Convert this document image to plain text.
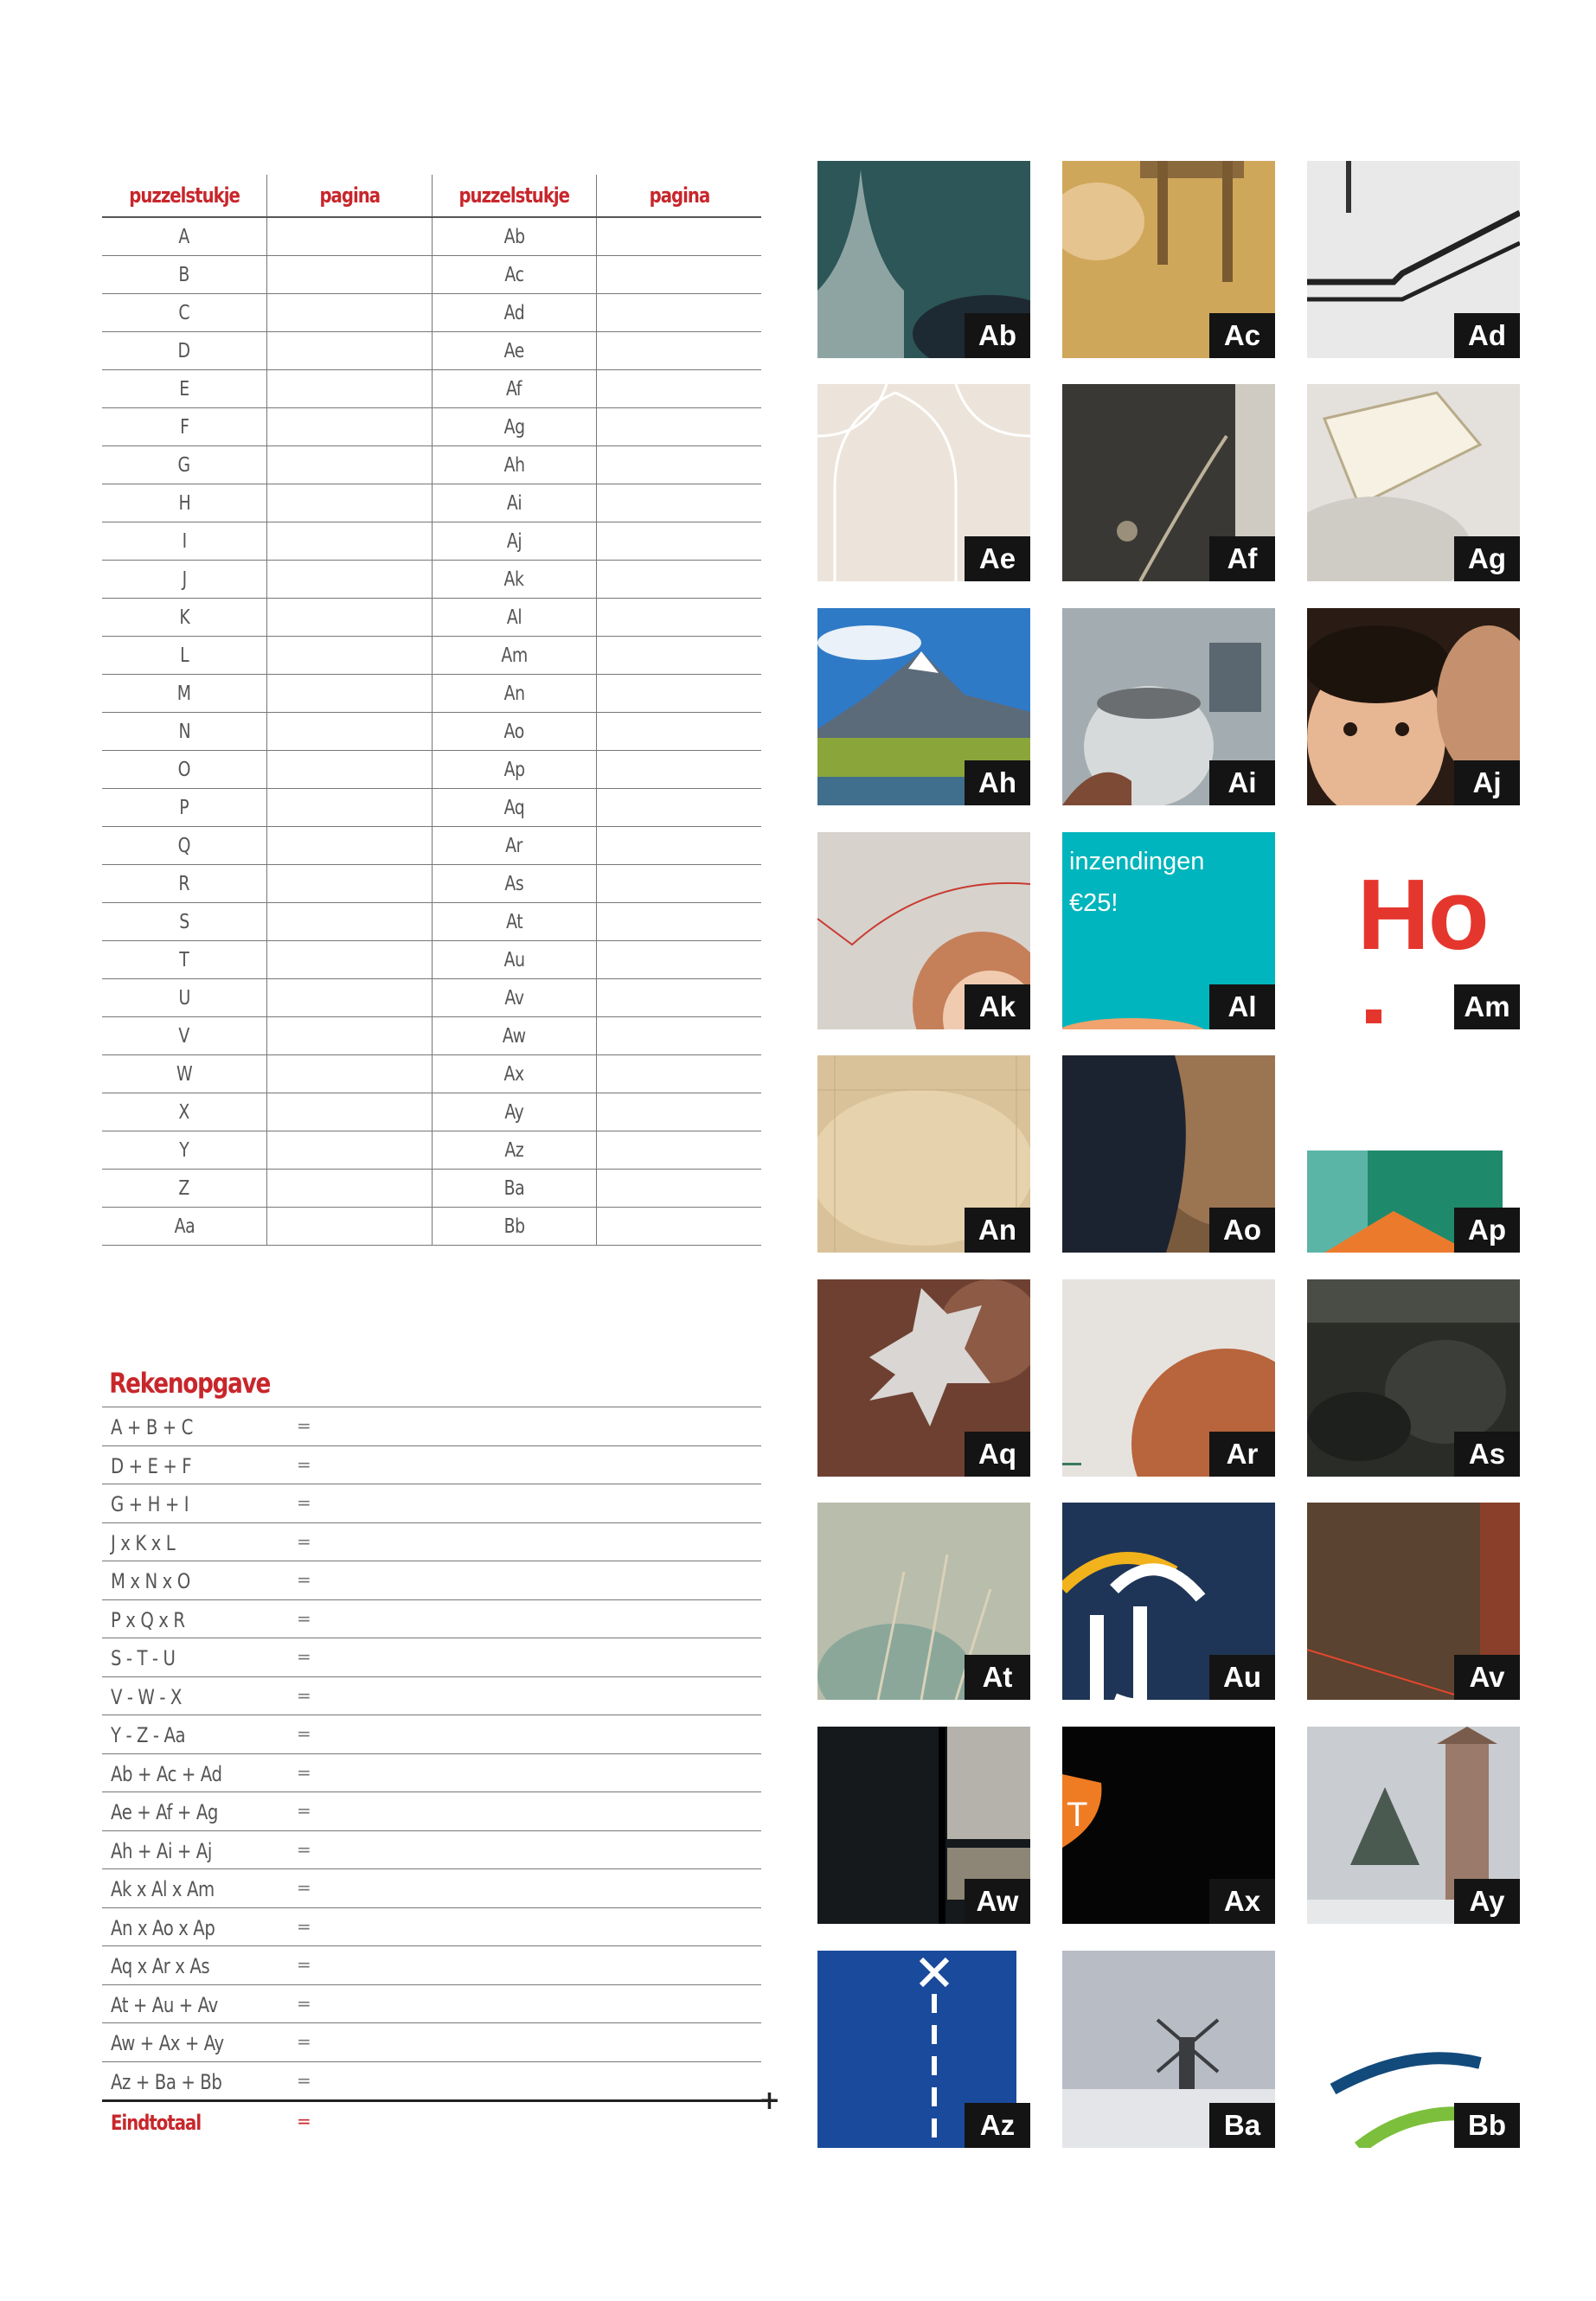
puzzelstukje	pagina	puzzelstukje	pagina
A		Ab	
B		Ac	
C		Ad	
D		Ae	
E		Af	
F		Ag	
G		Ah	
H		Ai	
I		Aj	
J		Ak	
K		Al	
L		Am	
M		An	
N		Ao	
O		Ap	
P		Aq	
Q		Ar	
R		As	
S		At	
T		Au	
U		Av	
V		Aw	
W		Ax	
X		Ay	
Y		Az	
Z		Ba	
Aa		Bb	
Rekenopgave
A + B + C	=
D + E + F	=
G + H + I	=
J x K x L	=
M x N x O	=
P x Q x R	=
S - T - U	=
V - W - X	=
Y - Z - Aa	=
Ab + Ac + Ad	=
Ae + Af + Ag	=
Ah + Ai + Aj	=
Ak x Al x Am	=
An x Ao x Ap	=
Aq x Ar x As	=
At + Au + Av	=
Aw + Ax + Ay	=
Az + Ba + Bb	=
+
Eindtotaal	=
Ab	Ac	Ad
Ae	Af	Ag
Ah	Ai	Aj
Ak
inzendingen
€25!
Al
Ho
Am
An	Ao	Ap
Aq	Ar	As
At	Au	Av
Aw
T
Ax	Ay
Az	Ba	Bb
